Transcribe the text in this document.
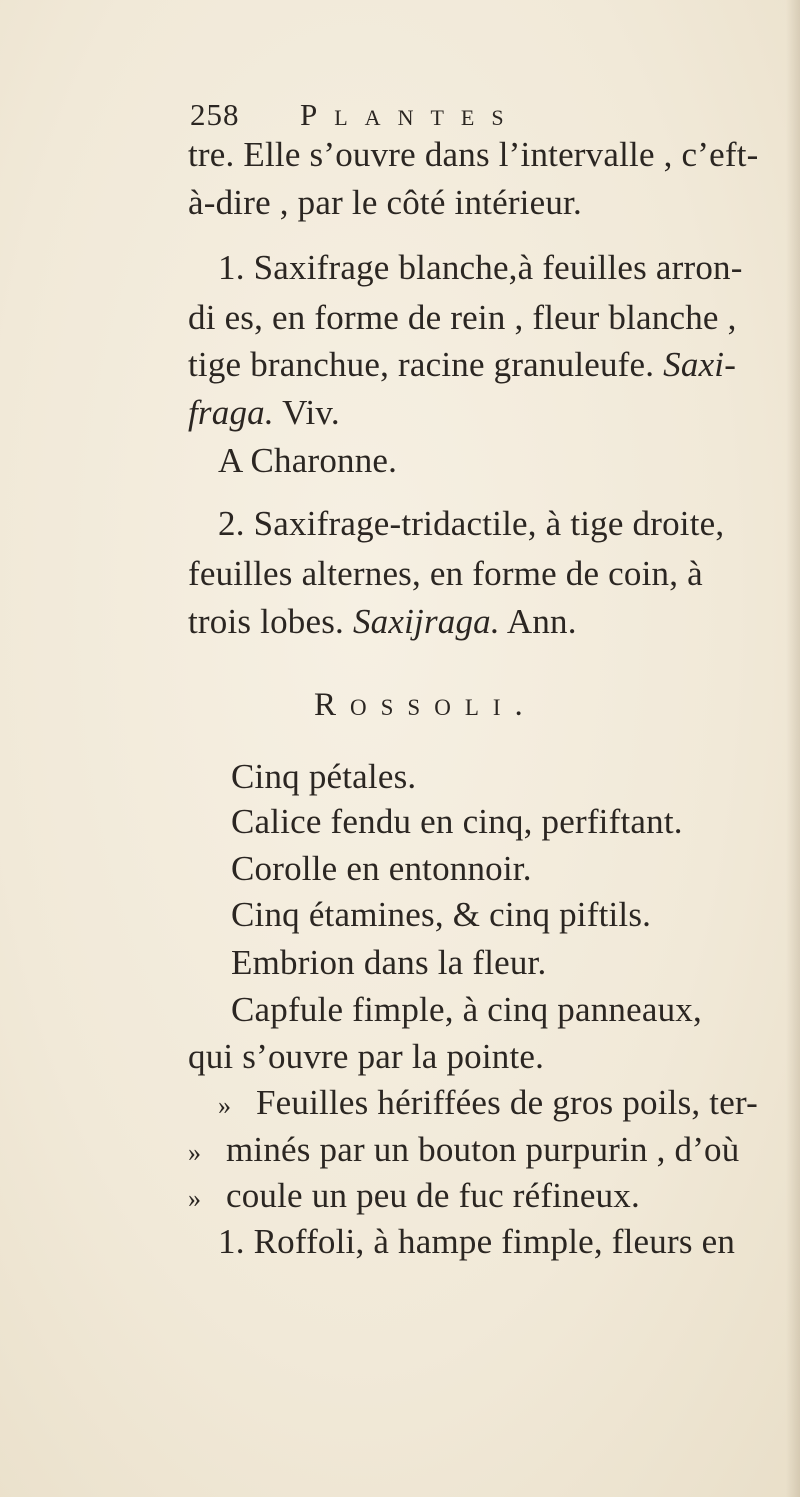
258 Plantes
tre. Elle s’ouvre dans l’intervalle , c’eft-
à-dire , par le côté intérieur.
1. Saxifrage blanche,à feuilles arron-
di es, en forme de rein , fleur blanche ,
tige branchue, racine granuleufe. Saxi-
fraga. Viv.
A Charonne.
2. Saxifrage-tridactile, à tige droite,
feuilles alternes, en forme de coin, à
trois lobes. Saxijraga. Ann.
Rossoli.
Cinq pétales.
Calice fendu en cinq, perfiftant.
Corolle en entonnoir.
Cinq étamines, & cinq piftils.
Embrion dans la fleur.
Capfule fimple, à cinq panneaux,
qui s’ouvre par la pointe.
» Feuilles hériffées de gros poils, ter-
» minés par un bouton purpurin , d’où
» coule un peu de fuc réfineux.
1. Roffoli, à hampe fimple, fleurs en
